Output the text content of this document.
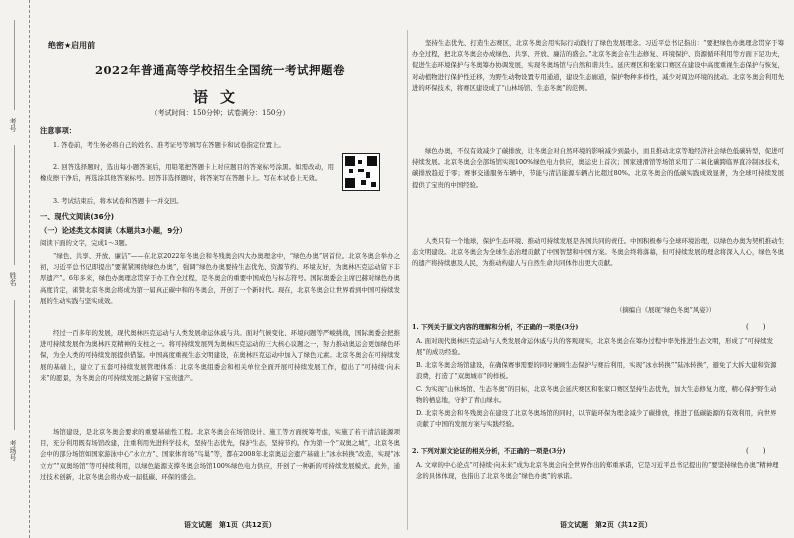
考号
姓名
考场号
绝密★启用前
2022年普通高等学校招生全国统一考试押题卷
语文
（考试时间：150分钟；试卷满分：150分）
注意事项：
1. 答卷前，考生务必将自己的姓名、准考证号等填写在答题卡和试卷指定位置上。
2. 回答选择题时，选出每小题答案后，用铅笔把答题卡上对应题目的答案标号涂黑。如需改动，用橡皮擦干净后，再选涂其他答案标号。回答非选择题时，将答案写在答题卡上。写在本试卷上无效。
3. 考试结束后，将本试卷和答题卡一并交回。
一、现代文阅读(36分)
（一）论述类文本阅读（本题共3小题，9分）
阅读下面的文字，完成1～3题。
“绿色、共享、开放、廉洁”——在北京2022年冬奥会和冬残奥会四大办奥理念中，“绿色办奥”居首位。北京冬奥会举办之初，习近平总书记即提出“要紧紧围绕绿色办奥”，强调“绿色办奥要持生态优先、资源节约、环境友好，为奥林匹克运动留下丰厚遗产”。6年多来，绿色办奥理念贯穿于办工作全过程，是冬奥会的重要中国成色与标志符号。国际奥委会主席巴赫对绿色办奥高度肯定，雀赞北京冬奥会将成为第一届真正碳中和的冬奥会，开创了一个新时代。现在，北京冬奥会让世界看到中国可持续发展的生动实践与坚实成效。
经过一百多年的发展，现代奥林匹克运动与人类发展命运休戚与共。面对气候变化、环境问题等严峻挑战，国际奥委会把推进可持续发展作为奥林匹克精神的支柱之一。将可持续发展列为奥林匹克运动的三大核心议题之一，努力推动奥运会更加绿色环保，为全人类的可持续发展提供借鉴。中国高度重视生态文明建设，在奥林匹克运动中加入了绿色元素。北京冬奥会在可持续发展的基础上，建立了五套可持续发展管理体系：北京冬奥组委会和相关单位全面开展可持续发展工作，提出了“可持续·向未来”的愿景，为冬奥会的可持续发展之路留下宝贵遗产。
场馆建设，是北京冬奥会要求的重要基础性工程。北京冬奥会在场馆设计、施工等方面统筹考虑，实施了若干清洁能源项目，充分利用既有场馆改建，注重利用先进科学技术，坚持生态优先，保护生态，坚持节约。作为第一个“双奥之城”，北京冬奥会中的部分场馆如国家游泳中心“水立方”、国家体育场“鸟巢”等，都在2008年北京奥运会遗产基础上“冰水转换”改造，实现“冰立方”“双奥场馆”等可持续利用，以绿色能源支撑冬奥会场馆100%绿色电力供应，开创了一种新的可持续发展模式。此外，通过技术创新，北京冬奥会将办成一届低碳、环保的盛会。
语文试题　第1页（共12页）
坚持生态优先、打造生态赛区，北京冬奥会用实际行动践行了绿色发展理念。习近平总书记指出：“要把绿色办奥理念贯穿于筹办全过程，把北京冬奥会办成绿色、共享、开放、廉洁的盛会。”北京冬奥会在生态修复、环境保护、资源循环利用等方面下足功夫，促进生态环境保护与冬奥筹办协调发展，实现冬奥场馆与自然和谐共生。延庆赛区和张家口赛区在建设中高度重视生态保护与恢复，对动植物进行保护性迁移，为野生动物设置专用通道，建设生态廊道，保护物种多样性，减少对周边环境的扰动。北京冬奥会利用先进的环保技术，将赛区建设成了“山林场馆、生态冬奥”的范例。
绿色办奥，不仅有效减少了碳排放，让冬奥会对自然环境的影响减少到最小，而且推动北京等地经济社会绿色低碳转型，促进可持续发展。北京冬奥会全部场馆实现100%绿色电力供应，奥运史上首次；国家速滑馆等场馆采用了二氧化碳跨临界直冷制冰技术，碳排放趋近于零；赛事交通服务车辆中，节能与清洁能源车辆占比超过80%。北京冬奥会的低碳实践成效显著，为全球可持续发展提供了宝贵的中国经验。
人类只有一个地球，保护生态环境、推动可持续发展是各国共同的责任。中国积极参与全球环境治理，以绿色办奥为契机推动生态文明建设。北京冬奥会为全球生态治理贡献了中国智慧和中国方案。冬奥会终将落幕，但可持续发展的理念将深入人心，绿色冬奥的遗产将持续惠及人民，为推动构建人与自然生命共同体作出更大贡献。
（摘编自《展现“绿色冬奥”风姿》）
1. 下列关于原文内容的理解和分析，不正确的一项是(3分)	(　　)
A. 面对现代奥林匹克运动与人类发展命运休戚与共的客观现实，北京冬奥会在筹办过程中率先推进生态文明，形成了“可持续发展”的成功经验。
B. 北京冬奥会场馆建设，在确保赛事需要的同时兼顾生态保护与赛后利用，实现“冰水转换”“陆冰转换”，避免了大拆大建和资源浪费，打造了“双奥城市”的样板。
C. 为实现“山林场馆、生态冬奥”的目标，北京冬奥会延庆赛区和张家口赛区坚持生态优先，加大生态修复力度，精心保护野生动物的栖息地，守护了青山绿水。
D. 北京冬奥会和冬残奥会在建设了北京冬奥场馆的同时，以节能环保为理念减少了碳排放，推进了低碳能源的有效利用，向世界贡献了中国的发展方案与实践经验。
2. 下列对原文论证的相关分析，不正确的一项是(3分)	(　　)
A. 文章的中心论点“可持续·向未来”成为北京冬奥会向全世界作出的郑重承诺，它是习近平总书记提出的“要坚持绿色办奥”精神理念的具体体现，也指出了北京冬奥会“绿色办奥”的承诺。
语文试题　第2页（共12页）
